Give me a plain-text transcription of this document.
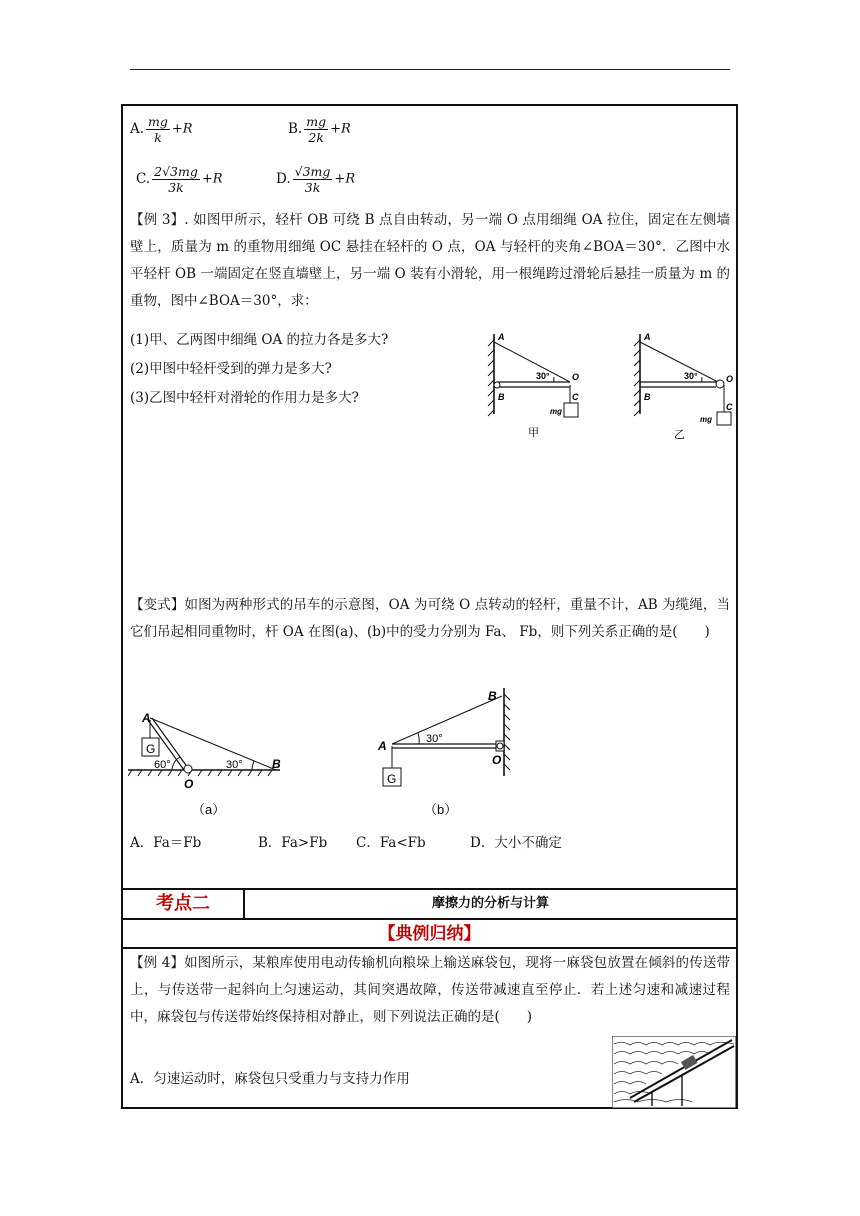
A. $\frac{mg}{k} +R$	B. $\frac{mg}{2k} +R$
C. $\frac{2√3mg}{3k} +R$	D. $\frac{√3mg}{3k} +R$
【例 3】. 如图甲所示，轻杆 OB 可绕 B 点自由转动，另一端 O 点用细绳 OA 拉住，固定在左侧墙壁上，质量为 m 的重物用细绳 OC 悬挂在轻杆的 O 点，OA 与轻杆的夹角∠BOA＝30°．乙图中水平轻杆 OB 一端固定在竖直墙壁上，另一端 O 装有小滑轮，用一根绳跨过滑轮后悬挂一质量为 m 的重物，图中∠BOA＝30°，求：
(1)甲、乙两图中细绳 OA 的拉力各是多大?
(2)甲图中轻杆受到的弹力是多大?
(3)乙图中轻杆对滑轮的作用力是多大?
A
30° O
B	C
mg
甲
A
30°	O
B
C
mg
乙
【变式】如图为两种形式的吊车的示意图，OA 为可绕 O 点转动的轻杆，重量不计，AB 为缆绳，当它们吊起相同重物时，杆 OA 在图(a)、(b)中的受力分别为 Fa、 Fb，则下列关系正确的是(　　)
A
G
60°	30° B
O
（a）
B
A	30°
O
G
（b）
A．Fa＝Fb	B．Fa>Fb C．Fa<Fb	D．大小不确定
考点二	摩擦力的分析与计算
【典例归纳】
【例 4】如图所示，某粮库使用电动传输机向粮垛上输送麻袋包，现将一麻袋包放置在倾斜的传送带上，与传送带一起斜向上匀速运动，其间突遇故障，传送带减速直至停止．若上述匀速和减速过程中，麻袋包与传送带始终保持相对静止，则下列说法正确的是(　　)
A．匀速运动时，麻袋包只受重力与支持力作用
